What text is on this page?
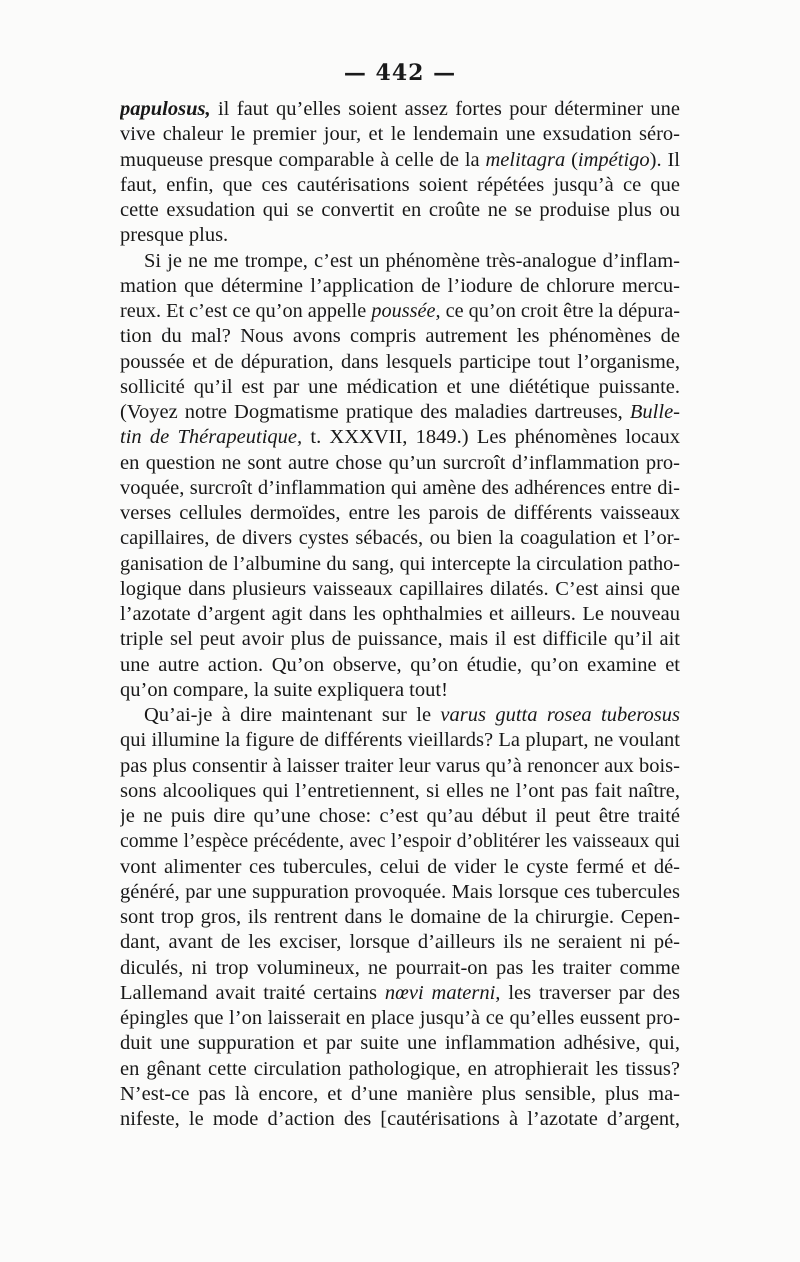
— 442 —
papulosus, il faut qu’elles soient assez fortes pour déterminer une
vive chaleur le premier jour, et le lendemain une exsudation séro-
muqueuse presque comparable à celle de la melitagra (impétigo). Il
faut, enfin, que ces cautérisations soient répétées jusqu’à ce que
cette exsudation qui se convertit en croûte ne se produise plus ou
presque plus.
Si je ne me trompe, c’est un phénomène très-analogue d’inflam-
mation que détermine l’application de l’iodure de chlorure mercu-
reux. Et c’est ce qu’on appelle poussée, ce qu’on croit être la dépura-
tion du mal? Nous avons compris autrement les phénomènes de
poussée et de dépuration, dans lesquels participe tout l’organisme,
sollicité qu’il est par une médication et une diététique puissante.
(Voyez notre Dogmatisme pratique des maladies dartreuses, Bulle-
tin de Thérapeutique, t. XXXVII, 1849.) Les phénomènes locaux
en question ne sont autre chose qu’un surcroît d’inflammation pro-
voquée, surcroît d’inflammation qui amène des adhérences entre di-
verses cellules dermoïdes, entre les parois de différents vaisseaux
capillaires, de divers cystes sébacés, ou bien la coagulation et l’or-
ganisation de l’albumine du sang, qui intercepte la circulation patho-
logique dans plusieurs vaisseaux capillaires dilatés. C’est ainsi que
l’azotate d’argent agit dans les ophthalmies et ailleurs. Le nouveau
triple sel peut avoir plus de puissance, mais il est difficile qu’il ait
une autre action. Qu’on observe, qu’on étudie, qu’on examine et
qu’on compare, la suite expliquera tout!
Qu’ai-je à dire maintenant sur le varus gutta rosea tuberosus
qui illumine la figure de différents vieillards? La plupart, ne voulant
pas plus consentir à laisser traiter leur varus qu’à renoncer aux bois-
sons alcooliques qui l’entretiennent, si elles ne l’ont pas fait naître,
je ne puis dire qu’une chose: c’est qu’au début il peut être traité
comme l’espèce précédente, avec l’espoir d’oblitérer les vaisseaux qui
vont alimenter ces tubercules, celui de vider le cyste fermé et dé-
généré, par une suppuration provoquée. Mais lorsque ces tubercules
sont trop gros, ils rentrent dans le domaine de la chirurgie. Cepen-
dant, avant de les exciser, lorsque d’ailleurs ils ne seraient ni pé-
diculés, ni trop volumineux, ne pourrait-on pas les traiter comme
Lallemand avait traité certains nœvi materni, les traverser par des
épingles que l’on laisserait en place jusqu’à ce qu’elles eussent pro-
duit une suppuration et par suite une inflammation adhésive, qui,
en gênant cette circulation pathologique, en atrophierait les tissus?
N’est-ce pas là encore, et d’une manière plus sensible, plus ma-
nifeste, le mode d’action des [cautérisations à l’azotate d’argent,
